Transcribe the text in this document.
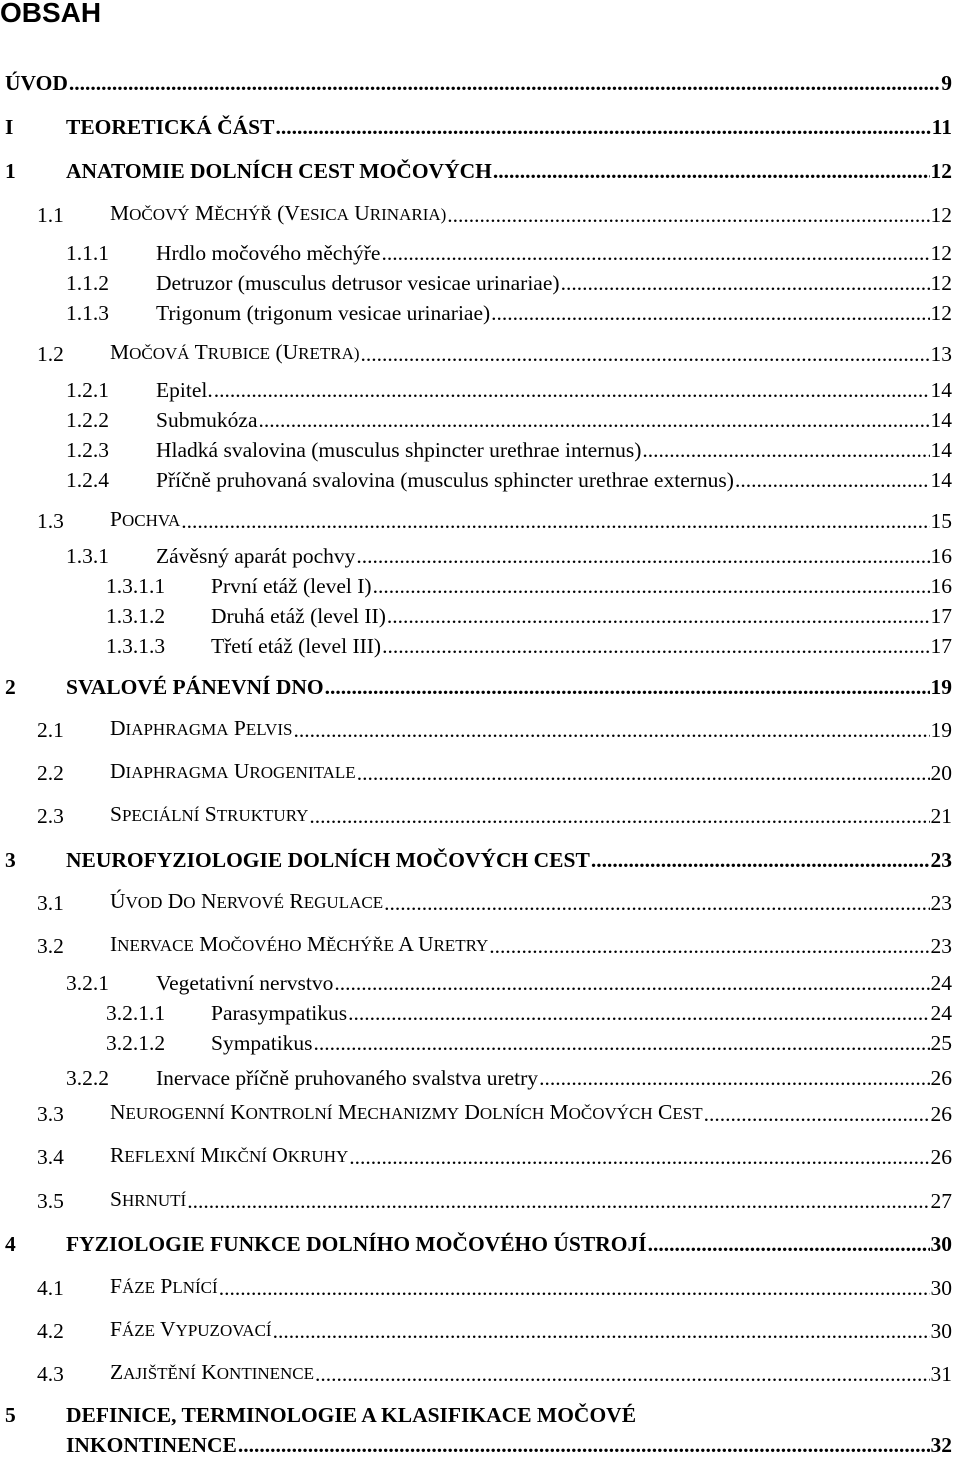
OBSAH
ÚVOD .....	9
I	TEORETICKÁ ČÁST .....	11
1	ANATOMIE DOLNÍCH CEST MOČOVÝCH .....	12
1.1	MOČOVÝ MĚCHÝŘ (VESICA URINARIA) .....	12
1.1.1	Hrdlo močového měchýře .....	12
1.1.2	Detruzor (musculus detrusor vesicae urinariae) .....	12
1.1.3	Trigonum (trigonum vesicae urinariae) .....	12
1.2	MOČOVÁ TRUBICE (URETRA) .....	13
1.2.1	Epitel. .....	14
1.2.2	Submukóza .....	14
1.2.3	Hladká svalovina (musculus shpincter urethrae internus) .....	14
1.2.4	Příčně pruhovaná svalovina (musculus sphincter urethrae externus) .....	14
1.3	POCHVA .....	15
1.3.1	Závěsný aparát pochvy .....	16
1.3.1.1	První etáž (level I) .....	16
1.3.1.2	Druhá etáž (level II) .....	17
1.3.1.3	Třetí etáž (level III) .....	17
2	SVALOVÉ PÁNEVNÍ DNO .....	19
2.1	DIAPHRAGMA PELVIS .....	19
2.2	DIAPHRAGMA UROGENITALE .....	20
2.3	SPECIÁLNÍ STRUKTURY .....	21
3	NEUROFYZIOLOGIE DOLNÍCH MOČOVÝCH CEST .....	23
3.1	ÚVOD DO NERVOVÉ REGULACE .....	23
3.2	INERVACE MOČOVÉHO MĚCHÝŘE A URETRY .....	23
3.2.1	Vegetativní nervstvo .....	24
3.2.1.1	Parasympatikus .....	24
3.2.1.2	Sympatikus .....	25
3.2.2	Inervace příčně pruhovaného svalstva uretry .....	26
3.3	NEUROGENNÍ KONTROLNÍ MECHANIZMY DOLNÍCH MOČOVÝCH CEST .....	26
3.4	REFLEXNÍ MIKČNÍ OKRUHY .....	26
3.5	SHRNUTÍ .....	27
4	FYZIOLOGIE FUNKCE DOLNÍHO MOČOVÉHO ÚSTROJÍ .....	30
4.1	FÁZE PLNÍCÍ .....	30
4.2	FÁZE VYPUZOVACÍ .....	30
4.3	ZAJIŠTĚNÍ KONTINENCE .....	31
5 DEFINICE, TERMINOLOGIE A KLASIFIKACE MOČOVÉ
INKONTINENCE .....	32
